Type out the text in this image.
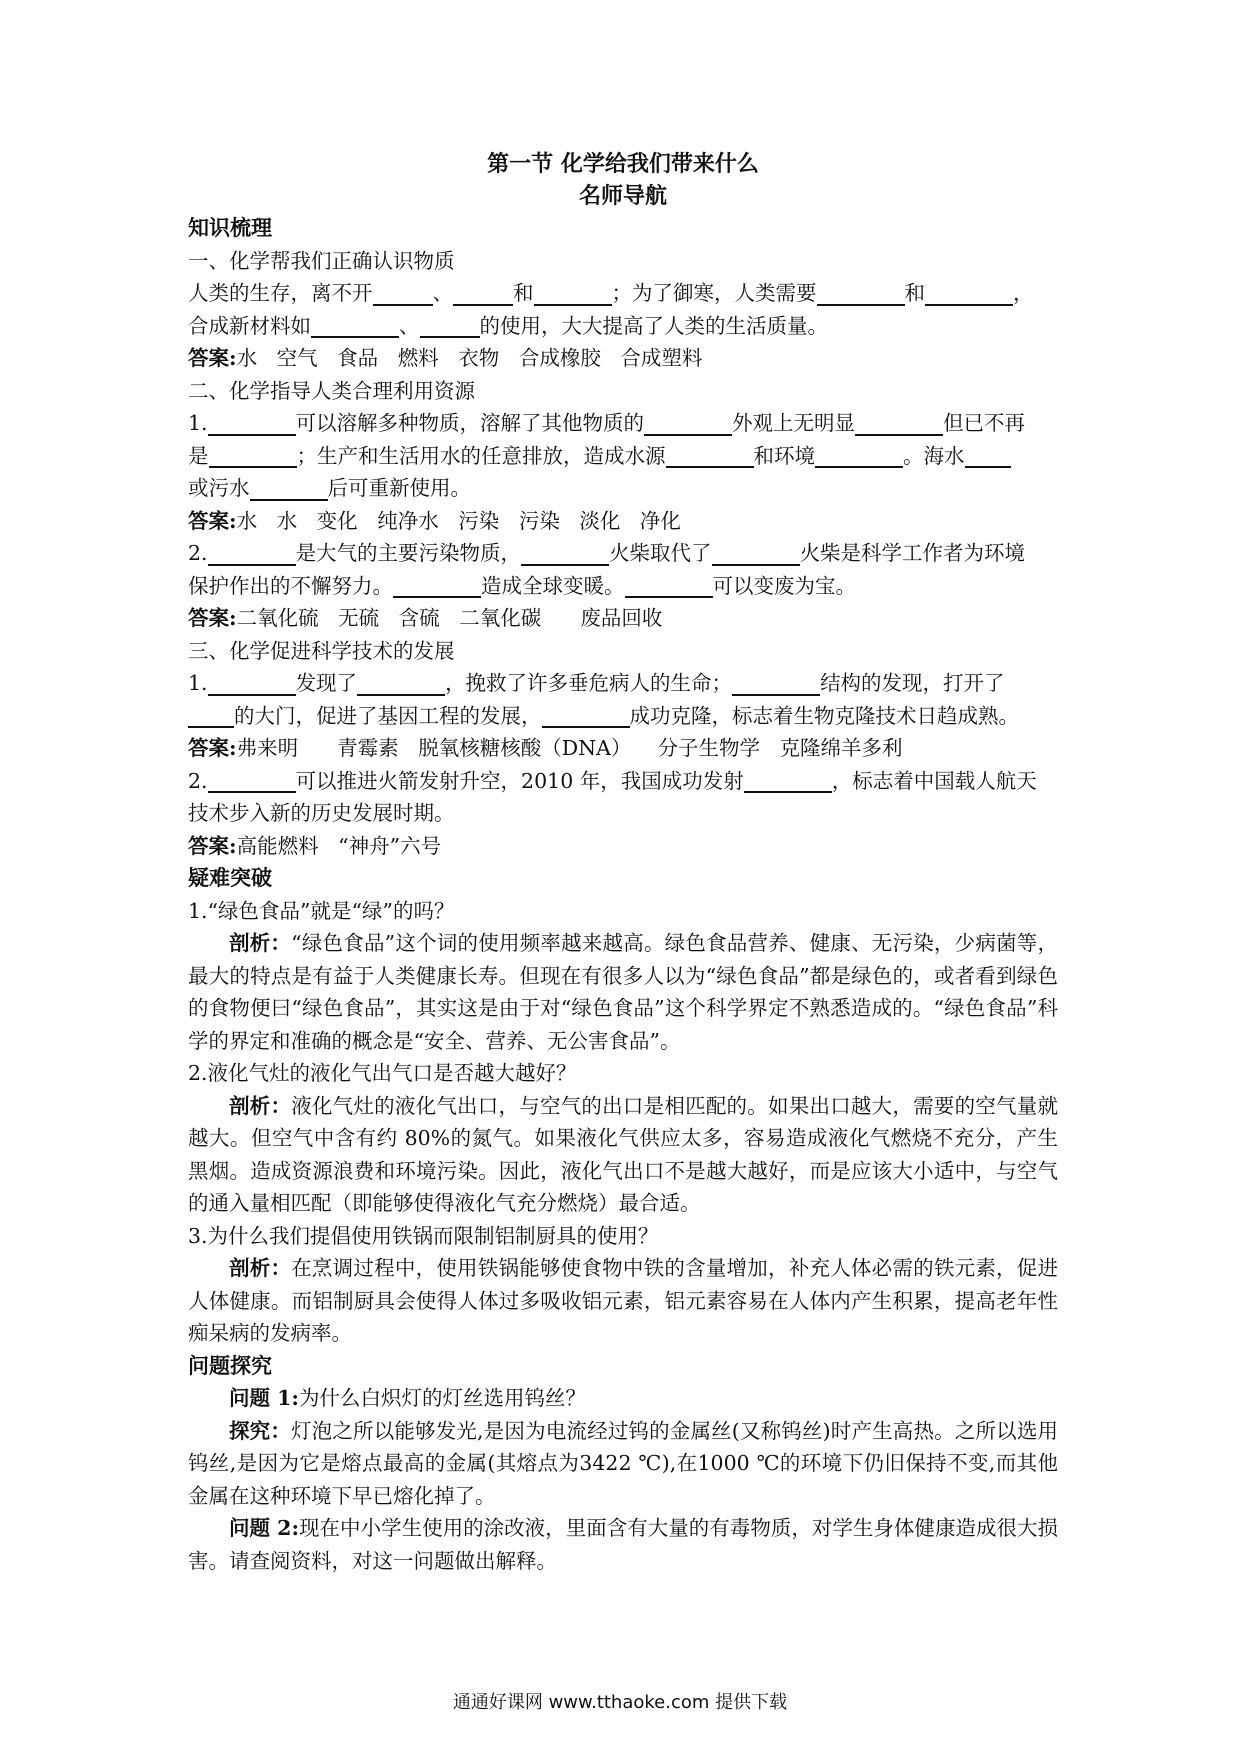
第一节 化学给我们带来什么
名师导航
知识梳理
一、化学帮我们正确认识物质

人类的生存，离不开	、	和	；为了御寒，人类需要	和	，
合成新材料如	、	的使用，大大提高了人类的生活质量。

答案:水   空气   食品   燃料   衣物   合成橡胶   合成塑料
二、化学指导人类合理利用资源

1.	可以溶解多种物质，溶解了其他物质的	外观上无明显	但已不再
是	；生产和生活用水的任意排放，造成水源	和环境	。海水
或污水	后可重新使用。

答案:水   水   变化   纯净水   污染   污染   淡化   净化

2.	是大气的主要污染物质，	火柴取代了	火柴是科学工作者为环境
保护作出的不懈努力。	造成全球变暖。	可以变废为宝。

答案:二氧化硫   无硫   含硫   二氧化碳      废品回收
三、化学促进科学技术的发展

1.	发现了	，挽救了许多垂危病人的生命；	结构的发现，打开了
的大门，促进了基因工程的发展，	成功克隆，标志着生物克隆技术日趋成熟。

答案:弗来明      青霉素   脱氧核糖核酸（DNA）    分子生物学   克隆绵羊多利

2.	可以推进火箭发射升空，2010 年，我国成功发射	，标志着中国载人航天
技术步入新的历史发展时期。

答案:高能燃料   “神舟”六号
疑难突破
1.“绿色食品”就是“绿”的吗？

剖析：“绿色食品”这个词的使用频率越来越高。绿色食品营养、健康、无污染，少病菌等，最大的特点是有益于人类健康长寿。但现在有很多人以为“绿色食品”都是绿色的，或者看到绿色的食物便曰“绿色食品”，其实这是由于对“绿色食品”这个科学界定不熟悉造成的。“绿色食品”科学的界定和准确的概念是“安全、营养、无公害食品”。

2.液化气灶的液化气出气口是否越大越好？

剖析：液化气灶的液化气出口，与空气的出口是相匹配的。如果出口越大，需要的空气量就越大。但空气中含有约 80%的氮气。如果液化气供应太多，容易造成液化气燃烧不充分，产生黑烟。造成资源浪费和环境污染。因此，液化气出口不是越大越好，而是应该大小适中，与空气的通入量相匹配（即能够使得液化气充分燃烧）最合适。

3.为什么我们提倡使用铁锅而限制铝制厨具的使用？

剖析：在烹调过程中，使用铁锅能够使食物中铁的含量增加，补充人体必需的铁元素，促进人体健康。而铝制厨具会使得人体过多吸收铝元素，铝元素容易在人体内产生积累，提高老年性痴呆病的发病率。

问题探究

问题 1:为什么白炽灯的灯丝选用钨丝？

探究：灯泡之所以能够发光,是因为电流经过钨的金属丝(又称钨丝)时产生高热。之所以选用钨丝,是因为它是熔点最高的金属(其熔点为3422 ℃),在1000 ℃的环境下仍旧保持不变,而其他金属在这种环境下早已熔化掉了。

问题 2:现在中小学生使用的涂改液，里面含有大量的有毒物质，对学生身体健康造成很大损害。请查阅资料，对这一问题做出解释。

通通好课网 www.tthaoke.com 提供下载
